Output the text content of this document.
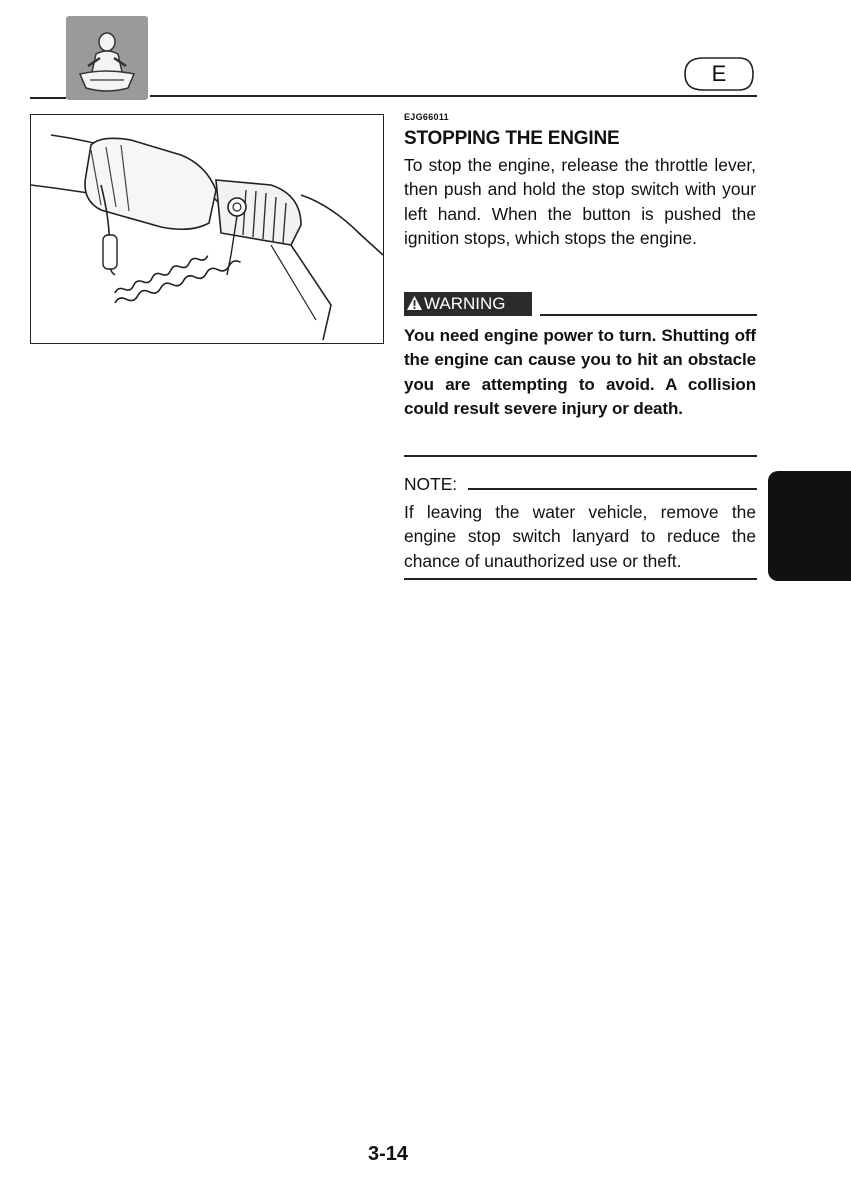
E
EJG66011
STOPPING THE ENGINE

To stop the engine, release the throttle lever, then push and hold the stop switch with your left hand. When the button is pushed the ignition stops, which stops the engine.

WARNING

You need engine power to turn. Shutting off the engine can cause you to hit an obstacle you are attempting to avoid. A collision could result severe injury or death.

NOTE:

If leaving the water vehicle, remove the engine stop switch lanyard to reduce the chance of unauthorized use or theft.

3-14
